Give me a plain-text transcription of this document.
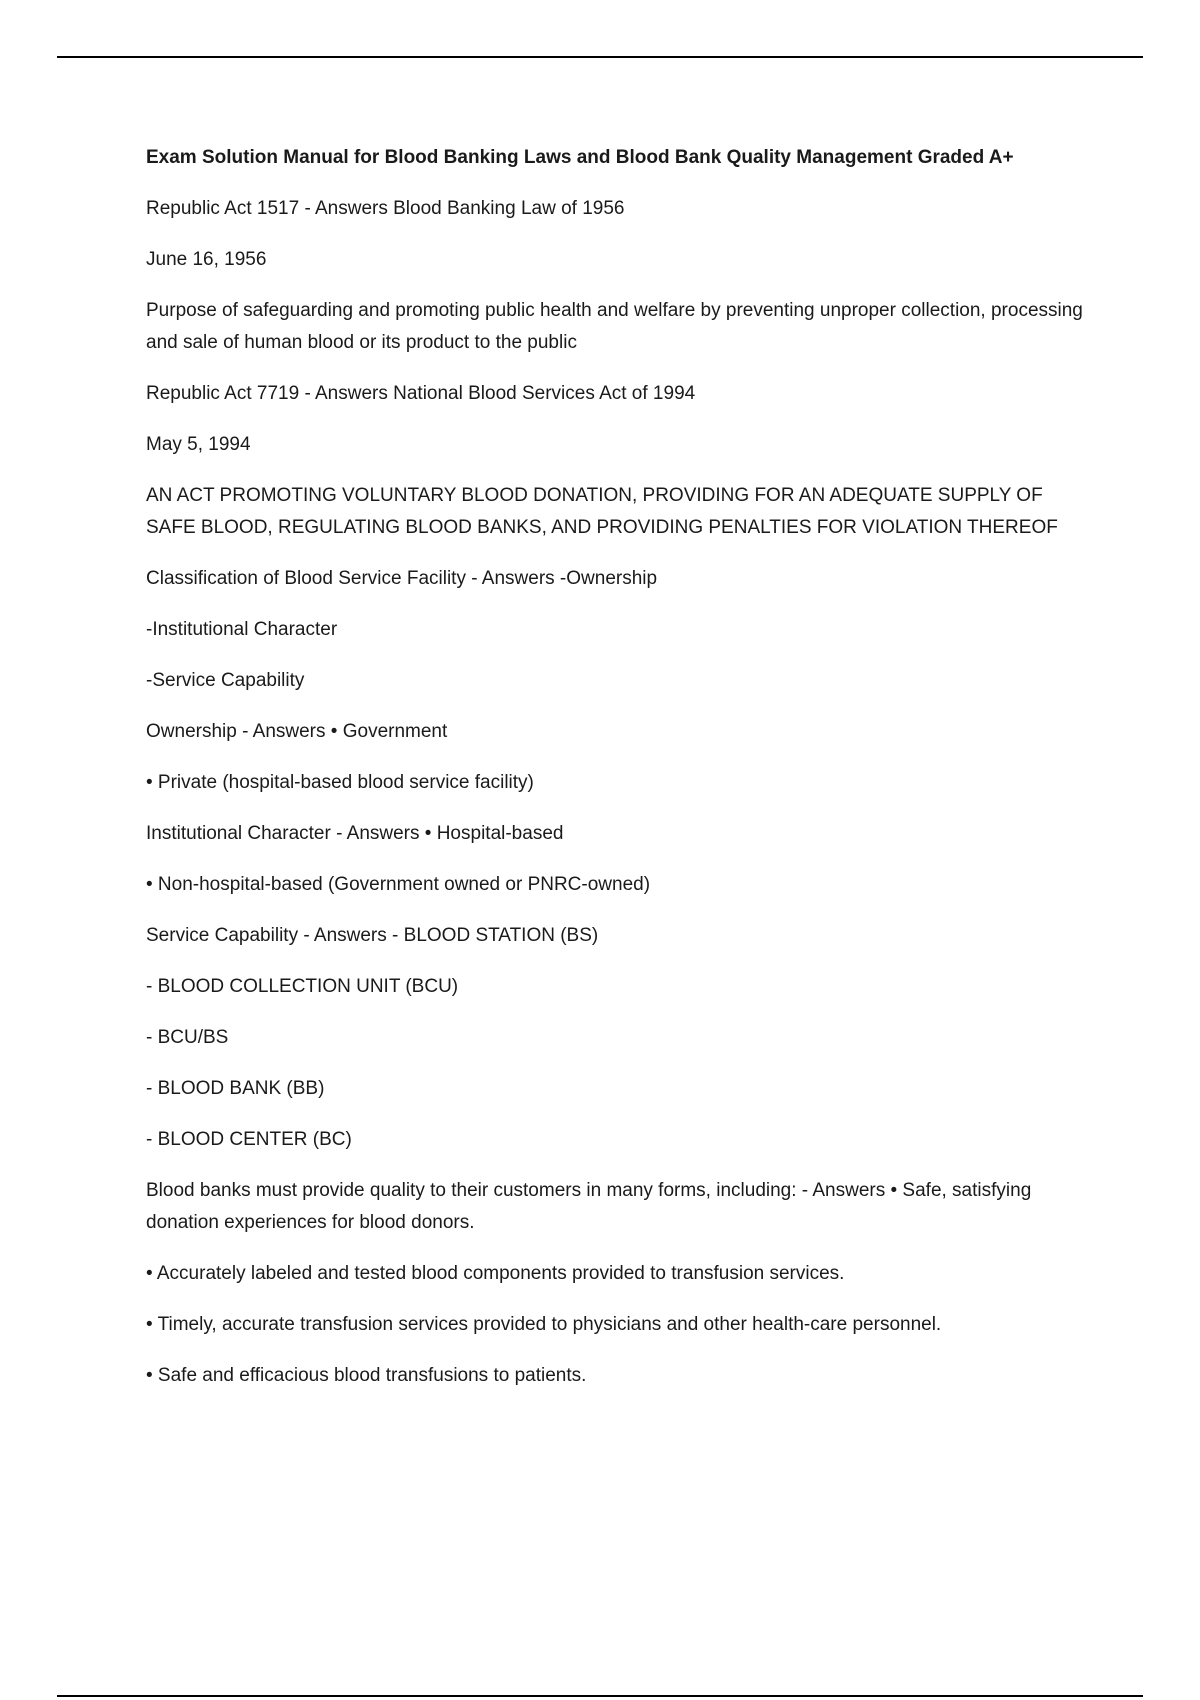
Exam Solution Manual for Blood Banking Laws and Blood Bank Quality Management Graded A+
Republic Act 1517 - Answers Blood Banking Law of 1956
June 16, 1956
Purpose of safeguarding and promoting public health and welfare by preventing unproper collection, processing and sale of human blood or its product to the public
Republic Act 7719 - Answers National Blood Services Act of 1994
May 5, 1994
AN ACT PROMOTING VOLUNTARY BLOOD DONATION, PROVIDING FOR AN ADEQUATE SUPPLY OF SAFE BLOOD, REGULATING BLOOD BANKS, AND PROVIDING PENALTIES FOR VIOLATION THEREOF
Classification of Blood Service Facility - Answers -Ownership
-Institutional Character
-Service Capability
Ownership - Answers • Government
• Private (hospital-based blood service facility)
Institutional Character - Answers • Hospital-based
• Non-hospital-based (Government owned or PNRC-owned)
Service Capability - Answers - BLOOD STATION (BS)
- BLOOD COLLECTION UNIT (BCU)
- BCU/BS
- BLOOD BANK (BB)
- BLOOD CENTER (BC)
Blood banks must provide quality to their customers in many forms, including: - Answers • Safe, satisfying donation experiences for blood donors.
• Accurately labeled and tested blood components provided to transfusion services.
• Timely, accurate transfusion services provided to physicians and other health-care personnel.
• Safe and efficacious blood transfusions to patients.
